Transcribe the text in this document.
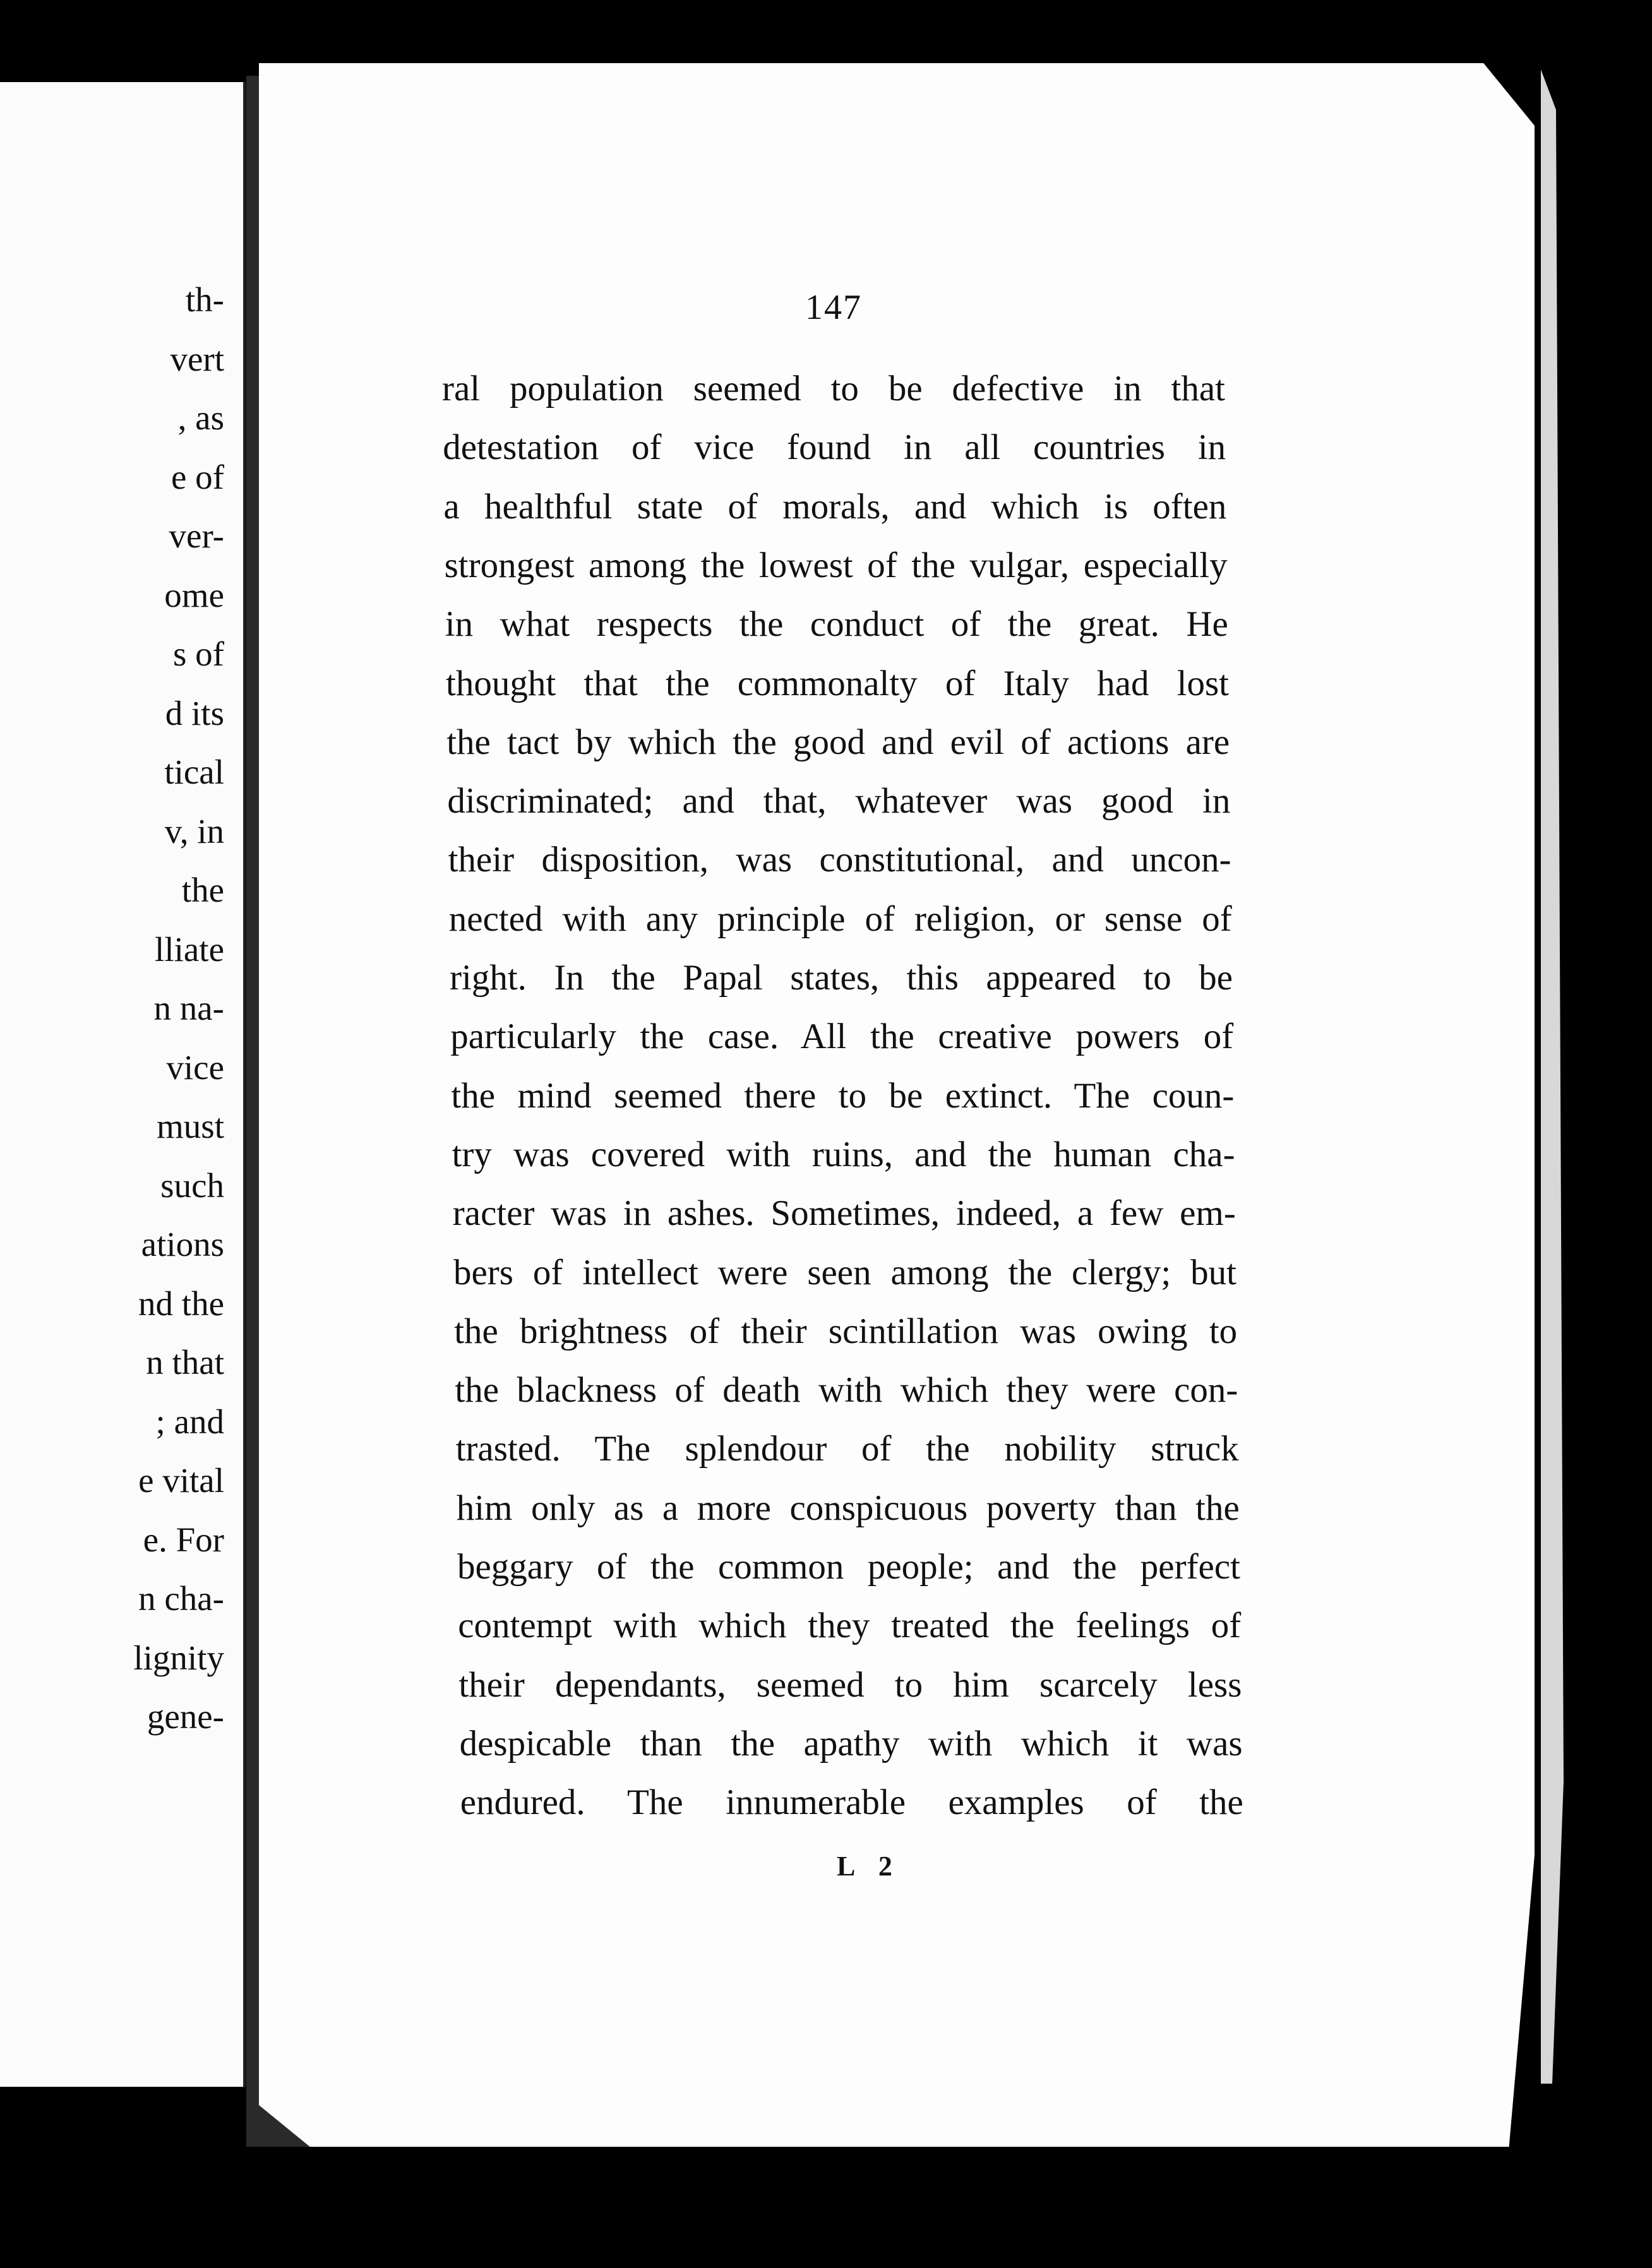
th-
vert
, as
e of
ver-
ome
s of
d its
tical
v, in
the
lliate
n na-
vice
must
such
ations
nd the
n that
; and
e vital
e. For
n cha-
lignity
gene-
147
ral population seemed to be defective in that
detestation of vice found in all countries in
a healthful state of morals, and which is often
strongest among the lowest of the vulgar, especially
in what respects the conduct of the great. He
thought that the commonalty of Italy had lost
the tact by which the good and evil of actions are
discriminated; and that, whatever was good in
their disposition, was constitutional, and uncon-
nected with any principle of religion, or sense of
right. In the Papal states, this appeared to be
particularly the case. All the creative powers of
the mind seemed there to be extinct. The coun-
try was covered with ruins, and the human cha-
racter was in ashes. Sometimes, indeed, a few em-
bers of intellect were seen among the clergy; but
the brightness of their scintillation was owing to
the blackness of death with which they were con-
trasted. The splendour of the nobility struck
him only as a more conspicuous poverty than the
beggary of the common people; and the perfect
contempt with which they treated the feelings of
their dependants, seemed to him scarcely less
despicable than the apathy with which it was
endured. The innumerable examples of the
L 2
